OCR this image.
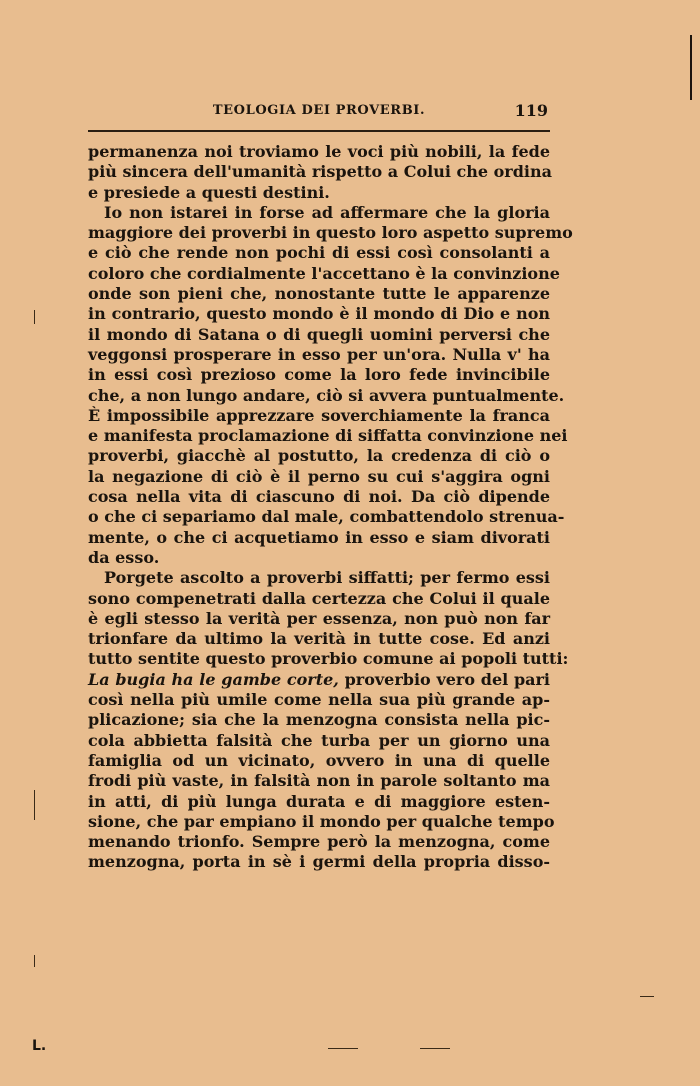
TEOLOGIA DEI PROVERBI.	119
permanenza noi troviamo le voci più nobili, la fede
più sincera dell'umanità rispetto a Colui che ordina
e presiede a questi destini.
Io non istarei in forse ad affermare che la gloria
maggiore dei proverbi in questo loro aspetto supremo
e ciò che rende non pochi di essi così consolanti a
coloro che cordialmente l'accettano è la convinzione
onde son pieni che, nonostante tutte le apparenze
in contrario, questo mondo è il mondo di Dio e non
il mondo di Satana o di quegli uomini perversi che
veggonsi prosperare in esso per un'ora. Nulla v' ha
in essi così prezioso come la loro fede invincibile
che, a non lungo andare, ciò si avvera puntualmente.
È impossibile apprezzare soverchiamente la franca
e manifesta proclamazione di siffatta convinzione nei
proverbi, giacchè al postutto, la credenza di ciò o
la negazione di ciò è il perno su cui s'aggira ogni
cosa nella vita di ciascuno di noi. Da ciò dipende
o che ci separiamo dal male, combattendolo strenua-
mente, o che ci acquetiamo in esso e siam divorati
da esso.
Porgete ascolto a proverbi siffatti; per fermo essi
sono compenetrati dalla certezza che Colui il quale
è egli stesso la verità per essenza, non può non far
trionfare da ultimo la verità in tutte cose. Ed anzi
tutto sentite questo proverbio comune ai popoli tutti:
La bugia ha le gambe corte, proverbio vero del pari
così nella più umile come nella sua più grande ap-
plicazione; sia che la menzogna consista nella pic-
cola abbietta falsità che turba per un giorno una
famiglia od un vicinato, ovvero in una di quelle
frodi più vaste, in falsità non in parole soltanto ma
in atti, di più lunga durata e di maggiore esten-
sione, che par empiano il mondo per qualche tempo
menando trionfo. Sempre però la menzogna, come
menzogna, porta in sè i germi della propria disso-
L.
